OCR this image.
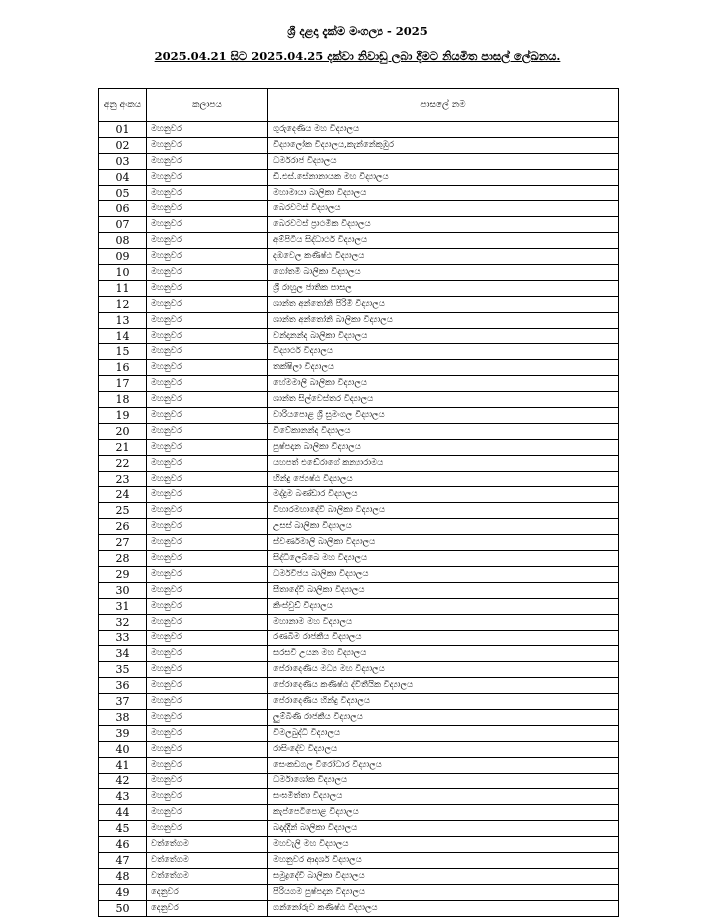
ශ්‍රී දළදා දැක්ම මංගල්‍ය - 2025
2025.04.21 සිට 2025.04.25 දක්වා නිවාඩු ලබා දීමට නියමිත පාසල් ලේඛනය.
අනු අංකය	කලාපය	පාසලේ නම
01	මහනුවර	ගුරුදෙණිය මහ විද්‍යාලය
02	මහනුවර	විද්‍යාලෝක විද්‍යාලය,කැන්නේකුඹුර
03	මහනුවර	ධර්මරාජ විද්‍යාලය
04	මහනුවර	ඩී.එස්.සේනානායක මහ විද්‍යාලය
05	මහනුවර	මහාමායා බාලිකා විද්‍යාලය
06	මහනුවර	බෙරවටස් විද්‍යාලය
07	මහනුවර	බෙරවටස් ප්‍රාථමික විද්‍යාලය
08	මහනුවර	අම්පිටිය සිද්ධාර්ථ විද්‍යාලය
09	මහනුවර	දඹවෙල කණිෂ්ඨ විද්‍යාලය
10	මහනුවර	ගෝතමී බාලිකා විද්‍යාලය
11	මහනුවර	ශ්‍රී රාහුල ජාතික පාසල
12	මහනුවර	ශාන්ත අන්තෝනි පිරිමි විද්‍යාලය
13	මහනුවර	ශාන්ත අන්තෝනි බාලිකා විද්‍යාලය
14	මහනුවර	වන්දානන්ද බාලිකා විද්‍යාලය
15	මහනුවර	විද්‍යාර්ථ විද්‍යාලය
16	මහනුවර	තක්ෂිලා විද්‍යාලය
17	මහනුවර	හේමමාලි බාලිකා විද්‍යාලය
18	මහනුවර	ශාන්ත සිල්වෙස්තර විද්‍යාලය
19	මහනුවර	වාරියපොළ ශ්‍රී සුමංගල විද්‍යාලය
20	මහනුවර	විවේකානන්ද විද්‍යාලය
21	මහනුවර	පුෂ්පදාන බාලිකා විද්‍යාලය
22	මහනුවර	යහපත් එඬේරාගේ කන්‍යාරාමය
23	මහනුවර	හින්දු ජ්‍යෙෂ්ඨ විද්‍යාලය
24	මහනුවර	මද්දුම බණ්ඩාර විද්‍යාලය
25	මහනුවර	විහාරමහාදේවි බාලිකා විද්‍යාලය
26	මහනුවර	උසස් බාලිකා විද්‍යාලය
27	මහනුවර	ස්වර්ණමාලි බාලිකා විද්‍යාලය
28	මහනුවර	සිද්ධිලෙබ්බෙ මහ විද්‍යාලය
29	මහනුවර	ධර්මවිජය බාලිකා විද්‍යාලය
30	මහනුවර	සීතාදේවි බාලිකා විද්‍යාලය
31	මහනුවර	කිංස්වුඩ් විද්‍යාලය
32	මහනුවර	මහානාම මහ විද්‍යාලය
33	මහනුවර	රණබිම රාජකීය විද්‍යාලය
34	මහනුවර	සරසවි උයන මහ විද්‍යාලය
35	මහනුවර	පේරාදෙණිය මධ්‍ය මහ විද්‍යාලය
36	මහනුවර	පේරාදෙණිය කණිෂ්ඨ ද්විතීයික විද්‍යාලය
37	මහනුවර	පේරාදෙණිය හින්දු විද්‍යාලය
38	මහනුවර	ලුම්බිණි රාජකීය විද්‍යාලය
39	මහනුවර	විමලබුද්ධි විද්‍යාලය
40	මහනුවර	රාසිංදේව විද්‍යාලය
41	මහනුවර	සෙංකඩගල වීරෝධාර විද්‍යාලය
42	මහනුවර	ධර්මාශෝක විද්‍යාලය
43	මහනුවර	සංඝමිත්තා විද්‍යාලය
44	මහනුවර	කැප්පෙටිපොළ විද්‍යාලය
45	මහනුවර	බද්‍රුද්දීන් බාලිකා විද්‍යාලය
46	වත්තේගම	මහවැලි මහ විද්‍යාලය
47	වත්තේගම	මහනුවර ආදර්ශ විද්‍යාලය
48	වත්තේගම	සමුද්‍රදේවි බාලිකා විද්‍යාලය
49	දෙනුවර	පිරියගම පුෂ්පදාන විද්‍යාලය
50	දෙනුවර	ගන්නෝරුව කණිෂ්ඨ විද්‍යාලය
